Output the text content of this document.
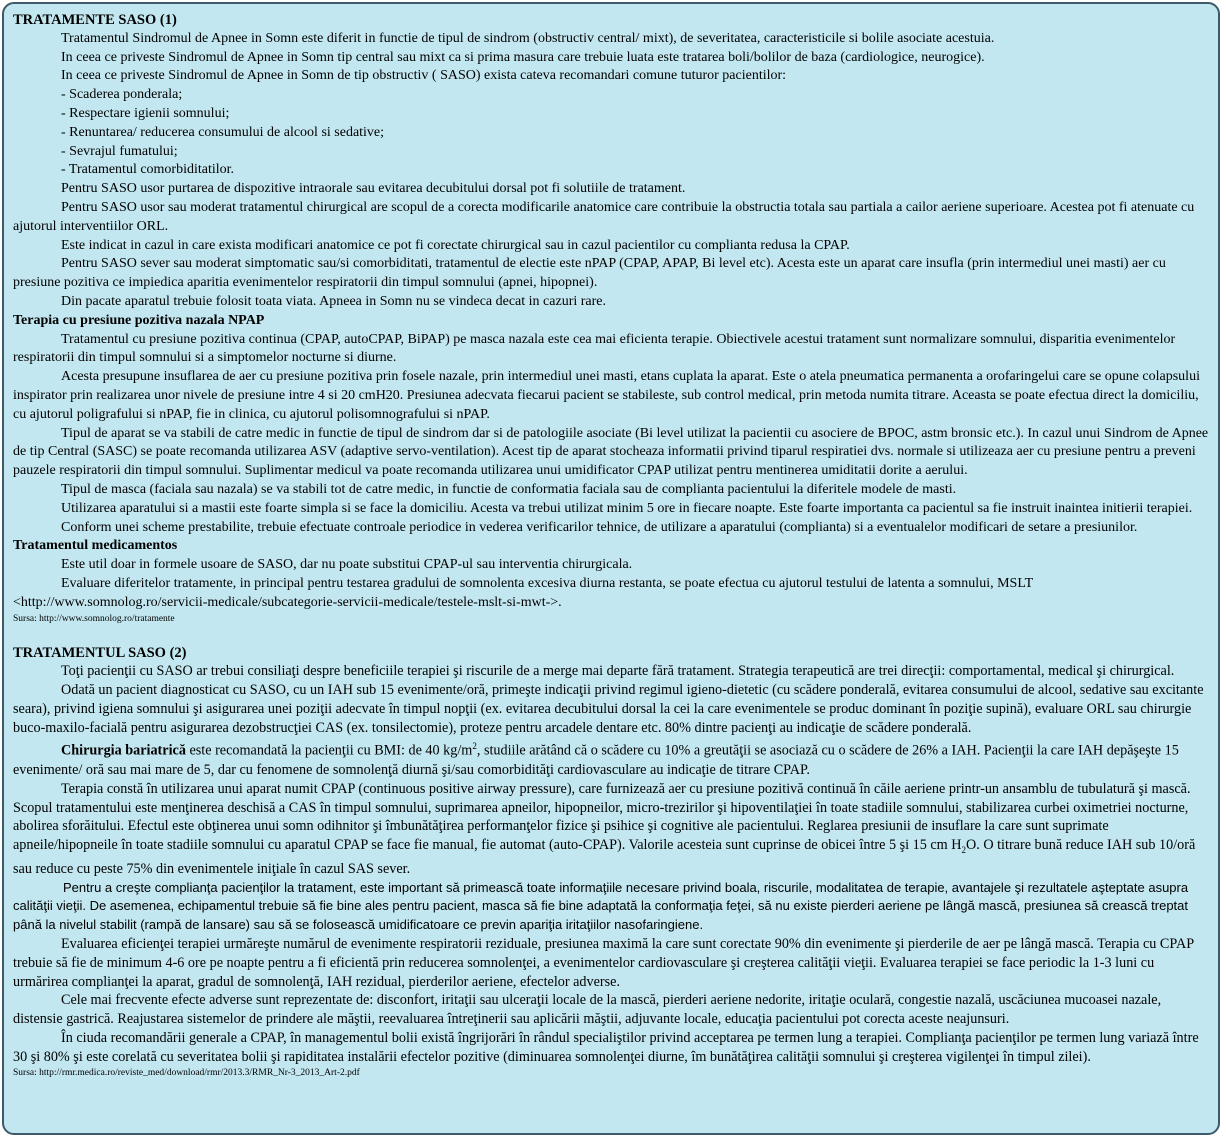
TRATAMENTE SASO (1)

Tratamentul Sindromul de Apnee in Somn este diferit in functie de tipul de sindrom (obstructiv central/ mixt), de severitatea, caracteristicile si bolile asociate acestuia.

In ceea ce priveste Sindromul de Apnee in Somn tip central sau mixt ca si prima masura care trebuie luata este tratarea boli/bolilor de baza (cardiologice, neurogice).

In ceea ce priveste Sindromul de Apnee in Somn de tip obstructiv ( SASO) exista cateva recomandari comune tuturor pacientilor:

- Scaderea ponderala;

- Respectare igienii somnului;

- Renuntarea/ reducerea consumului de alcool si sedative;

- Sevrajul fumatului;

- Tratamentul comorbiditatilor.

Pentru SASO usor purtarea de dispozitive intraorale sau evitarea decubitului dorsal pot fi solutiile de tratament.

Pentru SASO usor sau moderat tratamentul chirurgical are scopul de a corecta modificarile anatomice care contribuie la obstructia totala sau partiala a cailor aeriene superioare. Acestea pot fi atenuate cu ajutorul interventiilor ORL.

Este indicat in cazul in care exista modificari anatomice ce pot fi corectate chirurgical sau in cazul pacientilor cu complianta redusa la CPAP.

Pentru SASO sever sau moderat simptomatic sau/si comorbiditati, tratamentul de electie este nPAP (CPAP, APAP, Bi level etc). Acesta este un aparat care insufla (prin intermediul unei masti) aer cu presiune pozitiva ce impiedica aparitia evenimentelor respiratorii din timpul somnului (apnei, hipopnei).

Din pacate aparatul trebuie folosit toata viata. Apneea in Somn nu se vindeca decat in cazuri rare.

Terapia cu presiune pozitiva nazala NPAP

Tratamentul cu presiune pozitiva continua (CPAP, autoCPAP, BiPAP) pe masca nazala este cea mai eficienta terapie. Obiectivele acestui tratament sunt normalizare somnului, disparitia evenimentelor respiratorii din timpul somnului si a simptomelor nocturne si diurne.

Acesta presupune insuflarea de aer cu presiune pozitiva prin fosele nazale, prin intermediul unei masti, etans cuplata la aparat. Este o atela pneumatica permanenta a orofaringelui care se opune colapsului inspirator prin realizarea unor nivele de presiune intre 4 si 20 cmH20. Presiunea adecvata fiecarui pacient se stabileste, sub control medical, prin metoda numita titrare. Aceasta se poate efectua direct la domiciliu, cu ajutorul poligrafului si nPAP, fie in clinica, cu ajutorul polisomnografului si nPAP.

Tipul de aparat se va stabili de catre medic in functie de tipul de sindrom dar si de patologiile asociate (Bi level utilizat la pacientii cu asociere de BPOC, astm bronsic etc.). In cazul unui Sindrom de Apnee de tip Central (SASC) se poate recomanda utilizarea ASV (adaptive servo-ventilation). Acest tip de aparat stocheaza informatii privind tiparul respiratiei dvs. normale si utilizeaza aer cu presiune pentru a preveni pauzele respiratorii din timpul somnului. Suplimentar medicul va poate recomanda utilizarea unui umidificator CPAP utilizat pentru mentinerea umiditatii dorite a aerului.

Tipul de masca (faciala sau nazala) se va stabili tot de catre medic, in functie de conformatia faciala sau de complianta pacientului la diferitele modele de masti.

Utilizarea aparatului si a mastii este foarte simpla si se face la domiciliu. Acesta va trebui utilizat minim 5 ore in fiecare noapte. Este foarte importanta ca pacientul sa fie instruit inaintea initierii terapiei.

Conform unei scheme prestabilite, trebuie efectuate controale periodice in vederea verificarilor tehnice, de utilizare a aparatului (complianta) si a eventualelor modificari de setare a presiunilor.

Tratamentul medicamentos

Este util doar in formele usoare de SASO, dar nu poate substitui CPAP-ul sau interventia chirurgicala.

Evaluare diferitelor tratamente, in principal pentru testarea gradului de somnolenta excesiva diurna restanta, se poate efectua cu ajutorul testului de latenta a somnului, MSLT

<http://www.somnolog.ro/servicii-medicale/subcategorie-servicii-medicale/testele-mslt-si-mwt->.

Sursa: http://www.somnolog.ro/tratamente

TRATAMENTUL SASO (2)

Toţi pacienţii cu SASO ar trebui consiliaţi despre beneficiile terapiei şi riscurile de a merge mai departe fără tratament. Strategia terapeutică are trei direcţii: comportamental, medical şi chirurgical.

Odată un pacient diagnosticat cu SASO, cu un IAH sub 15 evenimente/oră, primeşte indicaţii privind regimul igieno-dietetic (cu scădere ponderală, evitarea consumului de alcool, sedative sau excitante seara), privind igiena somnului şi asigurarea unei poziţii adecvate în timpul nopţii (ex. evitarea decubitului dorsal la cei la care evenimentele se produc dominant în poziţie supină), evaluare ORL sau chirurgie buco-maxilo-facială pentru asigurarea dezobstrucţiei CAS (ex. tonsilectomie), proteze pentru arcadele dentare etc. 80% dintre pacienţi au indicaţie de scădere ponderală.

Chirurgia bariatrică este recomandată la pacienţii cu BMI: de 40 $kg/m^2$, studiile arătând că o scădere cu 10% a greutăţii se asociază cu o scădere de 26% a IAH. Pacienţii la care IAH depăşeşte 15 evenimente/ oră sau mai mare de 5, dar cu fenomene de somnolenţă diurnă şi/sau comorbidităţi cardiovasculare au indicaţie de titrare CPAP.

Terapia constă în utilizarea unui aparat numit CPAP (continuous positive airway pressure), care furnizează aer cu presiune pozitivă continuă în căile aeriene printr-un ansamblu de tubulatură şi mască. Scopul tratamentului este menţinerea deschisă a CAS în timpul somnului, suprimarea apneilor, hipopneilor, micro-trezirilor şi hipoventilaţiei în toate stadiile somnului, stabilizarea curbei oximetriei nocturne, abolirea sforăitului. Efectul este obţinerea unui somn odihnitor şi îmbunătăţirea performanţelor fizice şi psihice şi cognitive ale pacientului. Reglarea presiunii de insuflare la care sunt suprimate apneile/hipopneile în toate stadiile somnului cu aparatul CPAP se face fie manual, fie automat (auto-CPAP). Valorile acesteia sunt cuprinse de obicei între 5 şi 15 cm $H_2O$. O titrare bună reduce IAH sub 10/oră sau reduce cu peste 75% din evenimentele iniţiale în cazul SAS sever.

Pentru a creşte complianţa pacienţilor la tratament, este important să primească toate informaţiile necesare privind boala, riscurile, modalitatea de terapie, avantajele şi rezultatele aşteptate asupra calităţii vieţii. De asemenea, echipamentul trebuie să fie bine ales pentru pacient, masca să fie bine adaptată la conformaţia feţei, să nu existe pierderi aeriene pe lângă mască, presiunea să crească treptat până la nivelul stabilit (rampă de lansare) sau să se folosească umidificatoare ce previn apariţia iritaţiilor nasofaringiene.

Evaluarea eficienţei terapiei urmăreşte numărul de evenimente respiratorii reziduale, presiunea maximă la care sunt corectate 90% din evenimente şi pierderile de aer pe lângă mască. Terapia cu CPAP trebuie să fie de minimum 4-6 ore pe noapte pentru a fi eficientă prin reducerea somnolenţei, a evenimentelor cardiovasculare şi creşterea calităţii vieţii. Evaluarea terapiei se face periodic la 1-3 luni cu urmărirea complianţei la aparat, gradul de somnolenţă, IAH rezidual, pierderilor aeriene, efectelor adverse.

Cele mai frecvente efecte adverse sunt reprezentate de: disconfort, iritaţii sau ulceraţii locale de la mască, pierderi aeriene nedorite, iritaţie oculară, congestie nazală, uscăciunea mucoasei nazale, distensie gastrică. Reajustarea sistemelor de prindere ale măştii, reevaluarea întreţinerii sau aplicării măştii, adjuvante locale, educaţia pacientului pot corecta aceste neajunsuri.

În ciuda recomandării generale a CPAP, în managementul bolii există îngrijorări în rândul specialiştilor privind acceptarea pe termen lung a terapiei. Complianţa pacienţilor pe termen lung variază între 30 şi 80% şi este corelată cu severitatea bolii şi rapiditatea instalării efectelor pozitive (diminuarea somnolenţei diurne, îm bunătăţirea calităţii somnului şi creşterea vigilenţei în timpul zilei).

Sursa: http://rmr.medica.ro/reviste_med/download/rmr/2013.3/RMR_Nr-3_2013_Art-2.pdf
